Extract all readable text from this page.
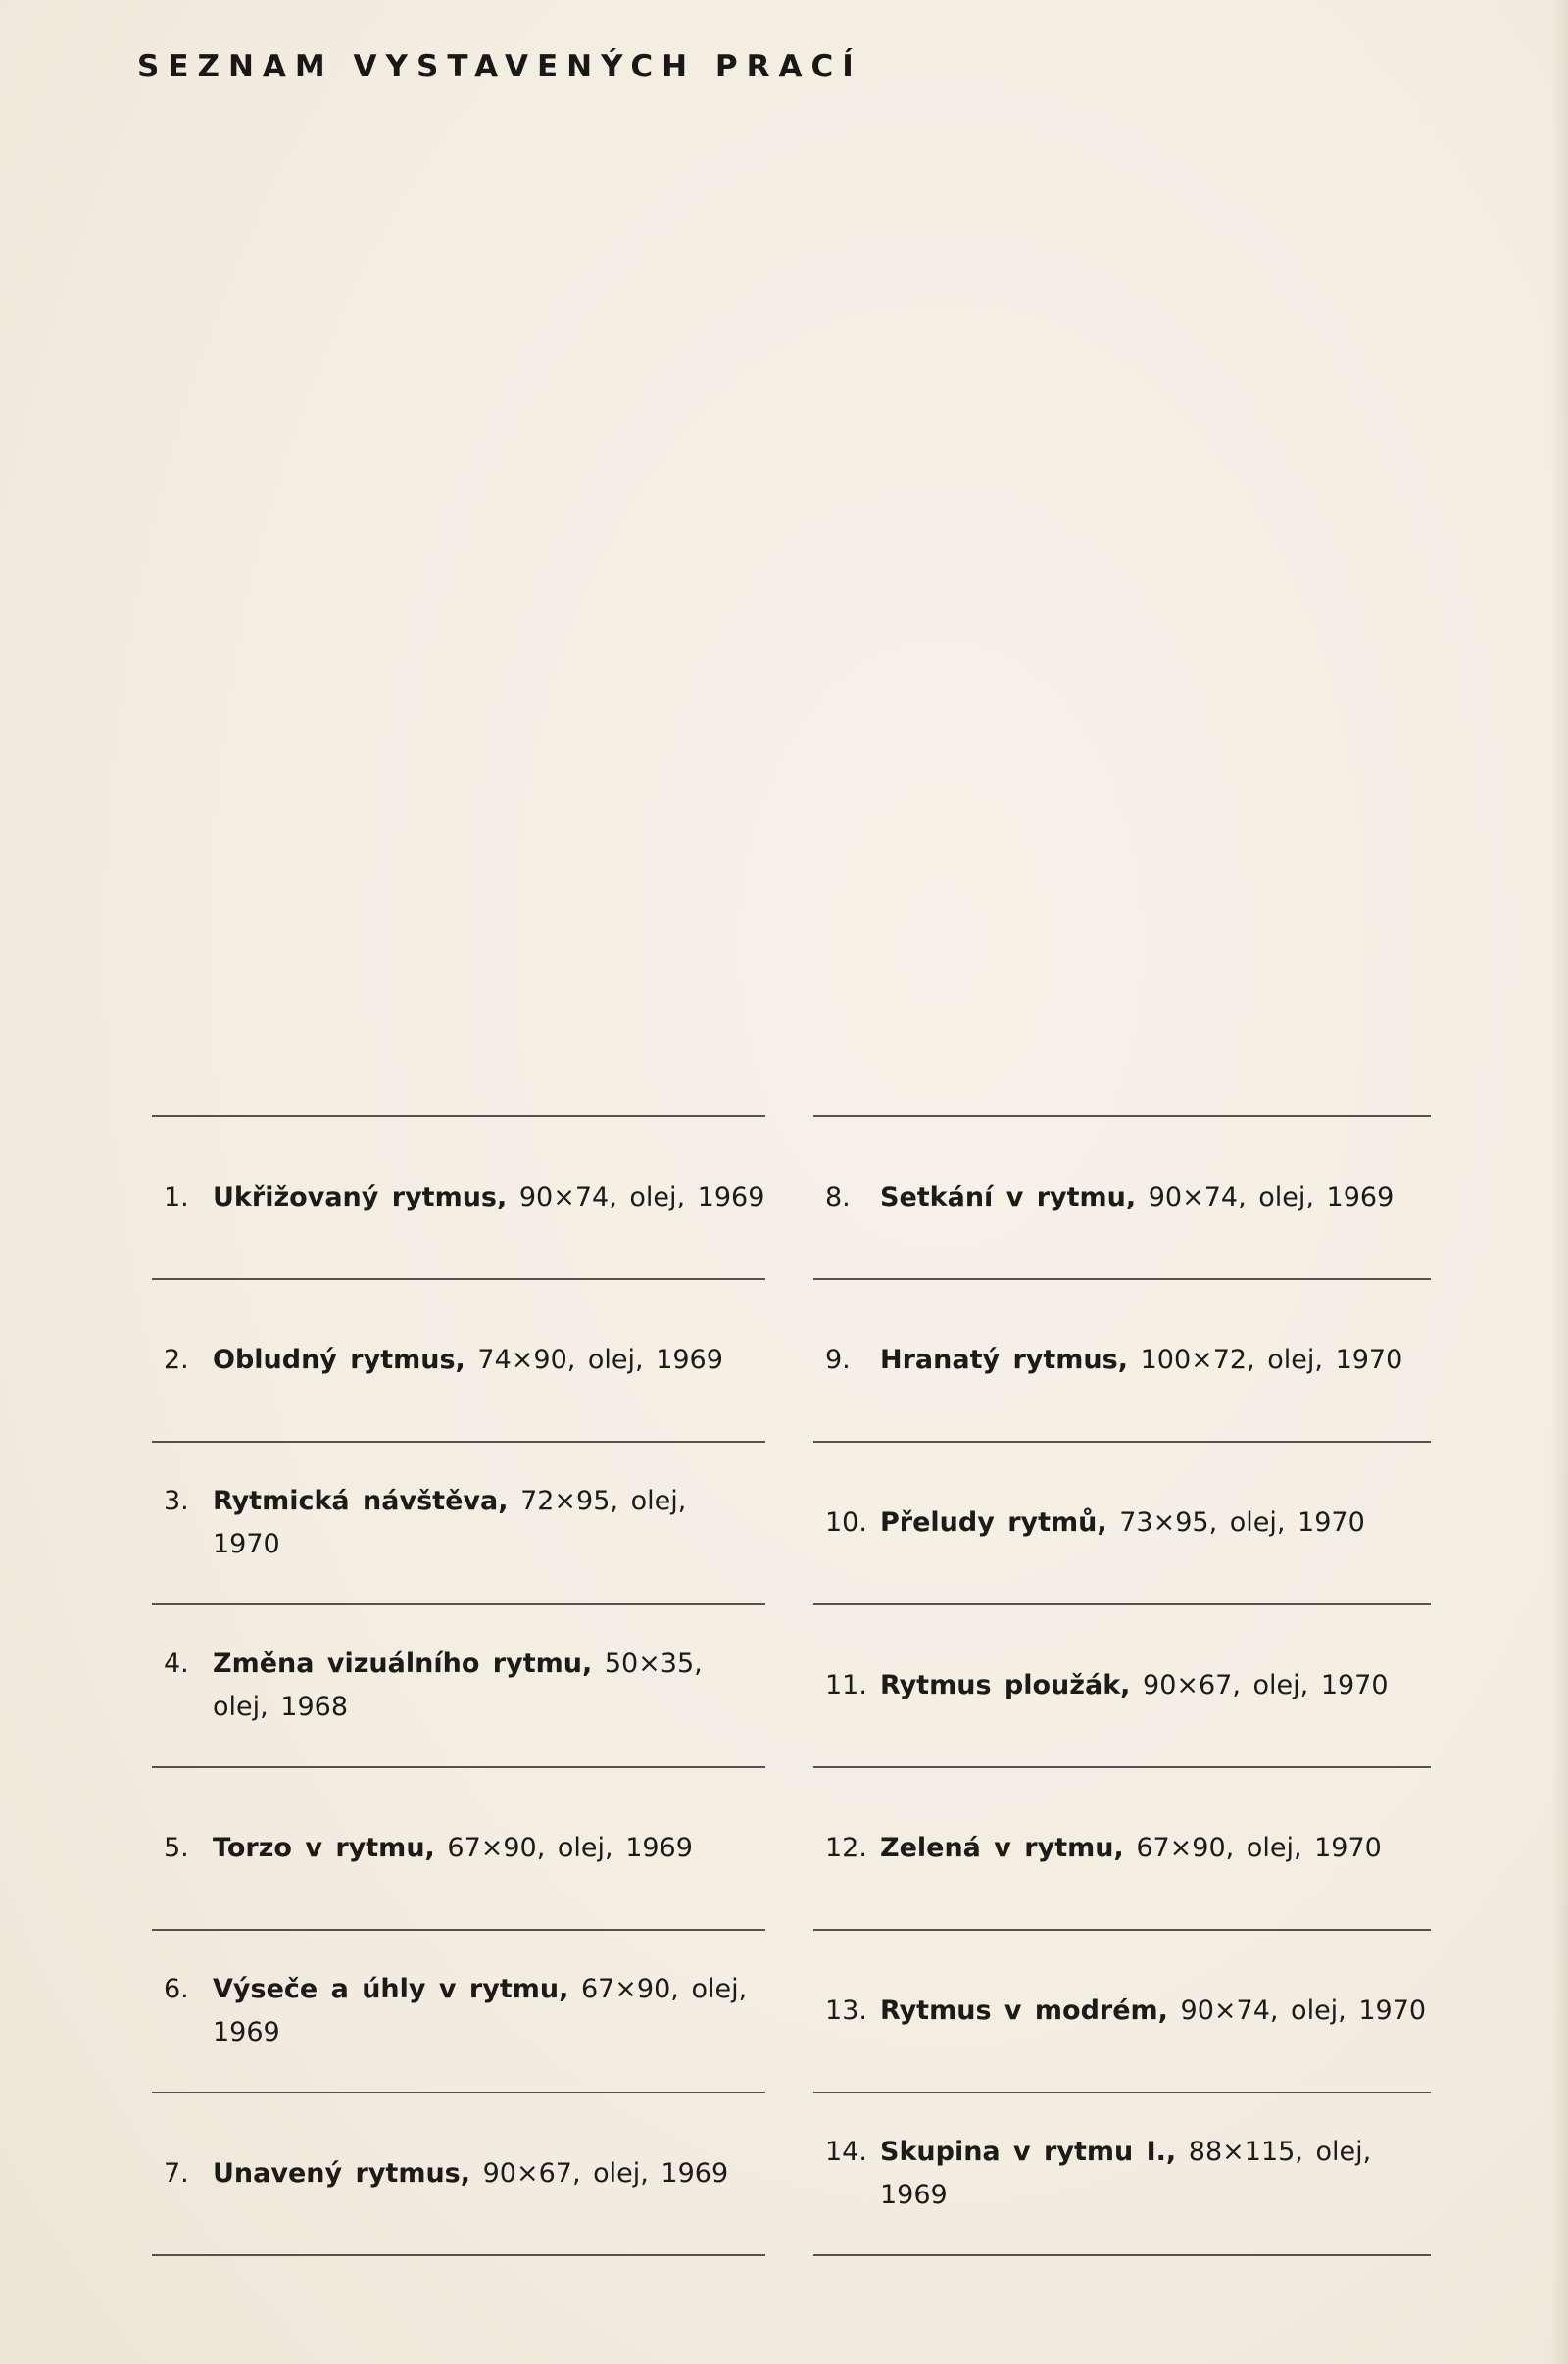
SEZNAM VYSTAVENÝCH PRACÍ
1. Ukřižovaný rytmus, 90×74, olej, 1969
2. Obludný rytmus, 74×90, olej, 1969
3. Rytmická návštěva, 72×95, olej, 1970
4. Změna vizuálního rytmu, 50×35, olej, 1968
5. Torzo v rytmu, 67×90, olej, 1969
6. Výseče a úhly v rytmu, 67×90, olej, 1969
7. Unavený rytmus, 90×67, olej, 1969
8.	Setkání v rytmu, 90×74, olej, 1969
9.	Hranatý rytmus, 100×72, olej, 1970
10. Přeludy rytmů, 73×95, olej, 1970
11. Rytmus ploužák, 90×67, olej, 1970
12. Zelená v rytmu, 67×90, olej, 1970
13. Rytmus v modrém, 90×74, olej, 1970
14. Skupina v rytmu I., 88×115, olej, 1969
